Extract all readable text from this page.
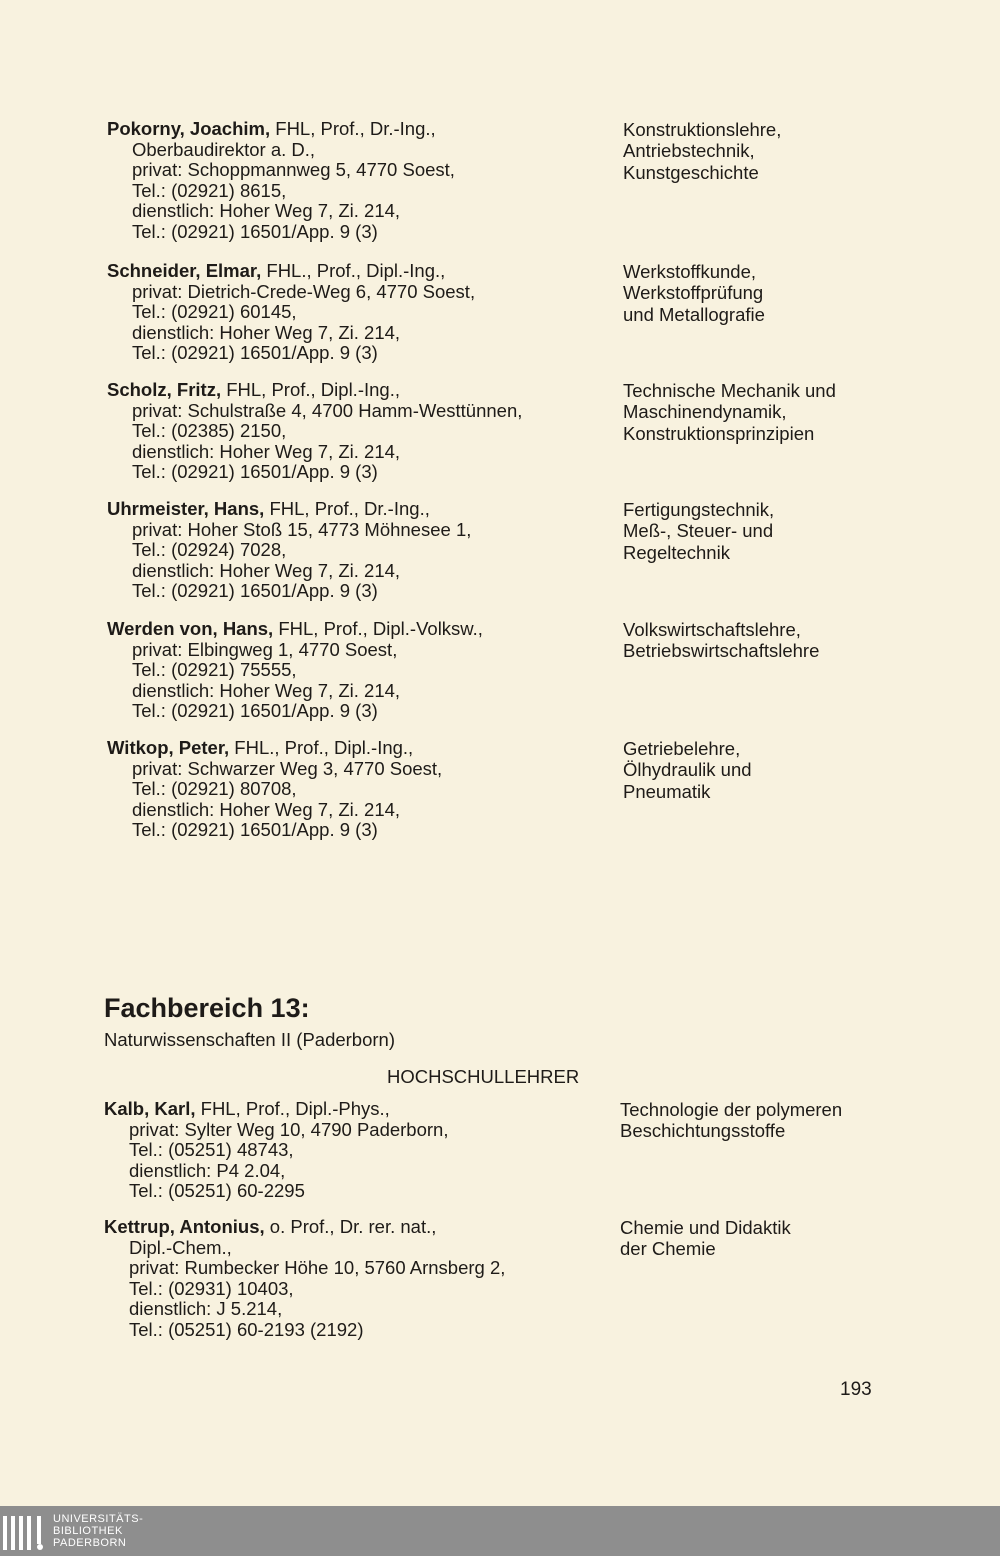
Pokorny, Joachim, FHL, Prof., Dr.-Ing.,
Oberbaudirektor a. D.,
privat: Schoppmannweg 5, 4770 Soest,
Tel.: (02921) 8615,
dienstlich: Hoher Weg 7, Zi. 214,
Tel.: (02921) 16501/App. 9 (3)
Konstruktionslehre,
Antriebstechnik,
Kunstgeschichte
Schneider, Elmar, FHL., Prof., Dipl.-Ing.,
privat: Dietrich-Crede-Weg 6, 4770 Soest,
Tel.: (02921) 60145,
dienstlich: Hoher Weg 7, Zi. 214,
Tel.: (02921) 16501/App. 9 (3)
Werkstoffkunde,
Werkstoffprüfung
und Metallografie
Scholz, Fritz, FHL, Prof., Dipl.-Ing.,
privat: Schulstraße 4, 4700 Hamm-Westtünnen,
Tel.: (02385) 2150,
dienstlich: Hoher Weg 7, Zi. 214,
Tel.: (02921) 16501/App. 9 (3)
Technische Mechanik und
Maschinendynamik,
Konstruktionsprinzipien
Uhrmeister, Hans, FHL, Prof., Dr.-Ing.,
privat: Hoher Stoß 15, 4773 Möhnesee 1,
Tel.: (02924) 7028,
dienstlich: Hoher Weg 7, Zi. 214,
Tel.: (02921) 16501/App. 9 (3)
Fertigungstechnik,
Meß-, Steuer- und
Regeltechnik
Werden von, Hans, FHL, Prof., Dipl.-Volksw.,
privat: Elbingweg 1, 4770 Soest,
Tel.: (02921) 75555,
dienstlich: Hoher Weg 7, Zi. 214,
Tel.: (02921) 16501/App. 9 (3)
Volkswirtschaftslehre,
Betriebswirtschaftslehre
Witkop, Peter, FHL., Prof., Dipl.-Ing.,
privat: Schwarzer Weg 3, 4770 Soest,
Tel.: (02921) 80708,
dienstlich: Hoher Weg 7, Zi. 214,
Tel.: (02921) 16501/App. 9 (3)
Getriebelehre,
Ölhydraulik und
Pneumatik
Fachbereich 13:
Naturwissenschaften II (Paderborn)
HOCHSCHULLEHRER
Kalb, Karl, FHL, Prof., Dipl.-Phys.,
privat: Sylter Weg 10, 4790 Paderborn,
Tel.: (05251) 48743,
dienstlich: P4 2.04,
Tel.: (05251) 60-2295
Technologie der polymeren
Beschichtungsstoffe
Kettrup, Antonius, o. Prof., Dr. rer. nat.,
Dipl.-Chem.,
privat: Rumbecker Höhe 10, 5760 Arnsberg 2,
Tel.: (02931) 10403,
dienstlich: J 5.214,
Tel.: (05251) 60-2193 (2192)
Chemie und Didaktik
der Chemie
193
UNIVERSITÄTS-
BIBLIOTHEK
PADERBORN
